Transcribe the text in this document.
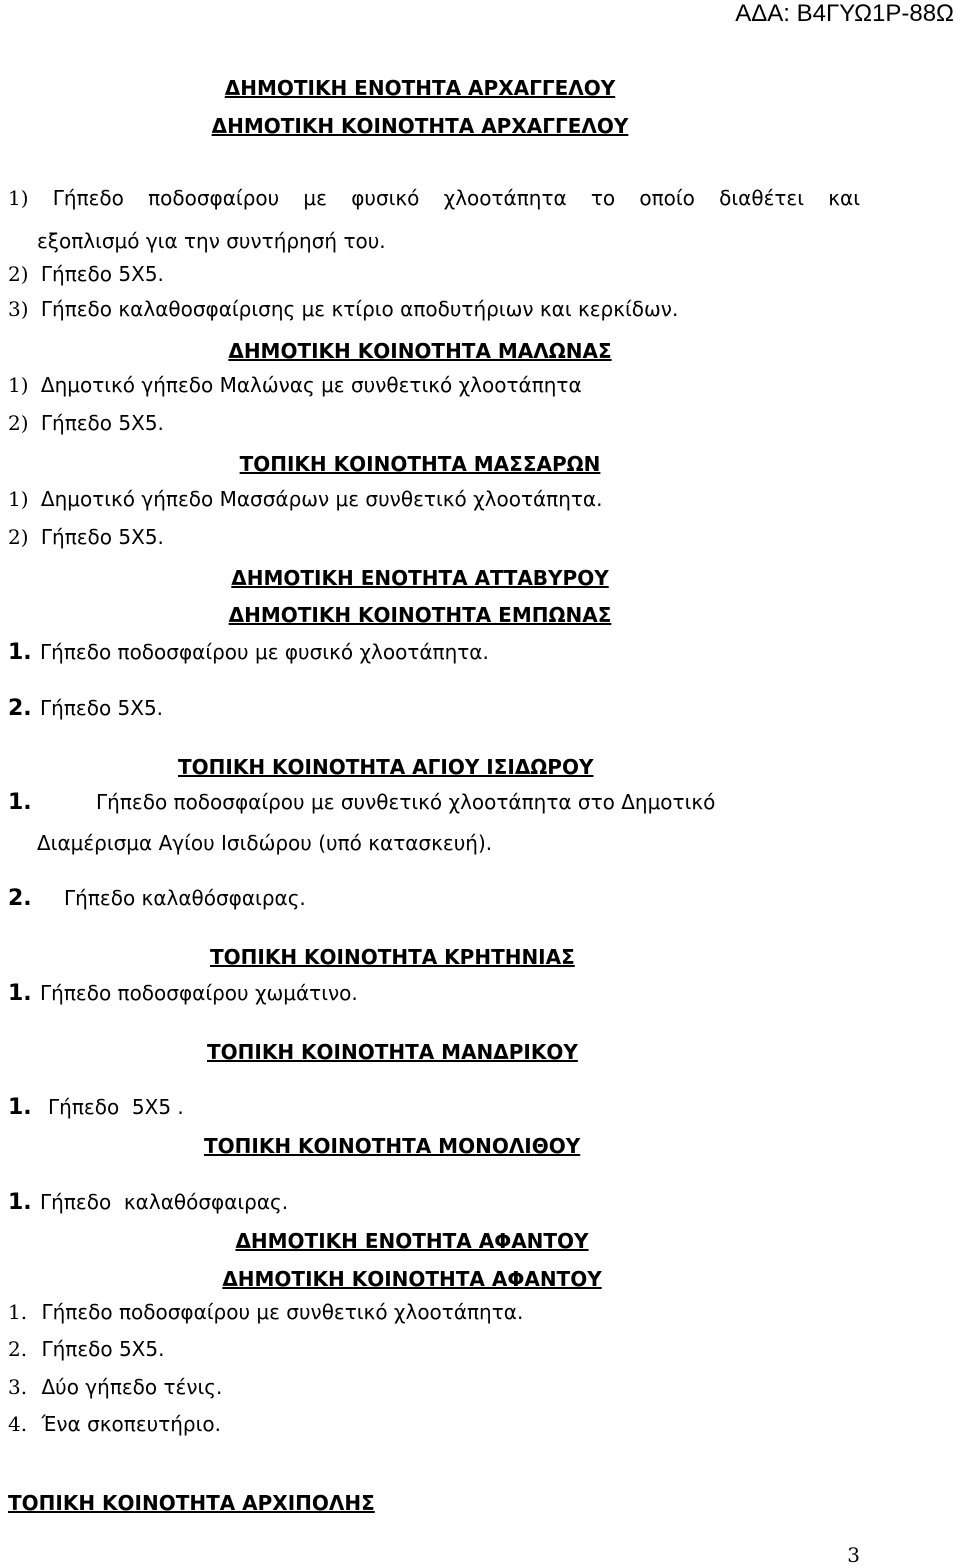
ΑΔΑ: Β4ΓΥΩ1Ρ-88Ω
ΔΗΜΟΤΙΚΗ ΕΝΟΤΗΤΑ ΑΡΧΑΓΓΕΛΟΥ
ΔΗΜΟΤΙΚΗ ΚΟΙΝΟΤΗΤΑ ΑΡΧΑΓΓΕΛΟΥ
1) Γήπεδο ποδοσφαίρου με φυσικό χλοοτάπητα το οποίο διαθέτει και
εξοπλισμό για την συντήρησή του.
2) Γήπεδο 5Χ5.
3) Γήπεδο καλαθοσφαίρισης με κτίριο αποδυτήριων και κερκίδων.
ΔΗΜΟΤΙΚΗ ΚΟΙΝΟΤΗΤΑ ΜΑΛΩΝΑΣ
1) Δημοτικό γήπεδο Μαλώνας με συνθετικό χλοοτάπητα
2) Γήπεδο 5Χ5.
ΤΟΠΙΚΗ ΚΟΙΝΟΤΗΤΑ ΜΑΣΣΑΡΩΝ
1) Δημοτικό γήπεδο Μασσάρων με συνθετικό χλοοτάπητα.
2) Γήπεδο 5Χ5.
ΔΗΜΟΤΙΚΗ ΕΝΟΤΗΤΑ ΑΤΤΑΒΥΡΟΥ
ΔΗΜΟΤΙΚΗ ΚΟΙΝΟΤΗΤΑ ΕΜΠΩΝΑΣ
1. Γήπεδο ποδοσφαίρου με φυσικό χλοοτάπητα.
2. Γήπεδο 5Χ5.
ΤΟΠΙΚΗ ΚΟΙΝΟΤΗΤΑ ΑΓΙΟΥ ΙΣΙΔΩΡΟΥ
1.	Γήπεδο ποδοσφαίρου με συνθετικό χλοοτάπητα στο Δημοτικό
Διαμέρισμα Αγίου Ισιδώρου (υπό κατασκευή).
2. Γήπεδο καλαθόσφαιρας.
ΤΟΠΙΚΗ ΚΟΙΝΟΤΗΤΑ ΚΡΗΤΗΝΙΑΣ
1. Γήπεδο ποδοσφαίρου χωμάτινο.
ΤΟΠΙΚΗ ΚΟΙΝΟΤΗΤΑ ΜΑΝΔΡΙΚΟΥ
1. Γήπεδο  5Χ5 .
ΤΟΠΙΚΗ ΚΟΙΝΟΤΗΤΑ ΜΟΝΟΛΙΘΟΥ
1. Γήπεδο  καλαθόσφαιρας.
ΔΗΜΟΤΙΚΗ ΕΝΟΤΗΤΑ ΑΦΑΝΤΟΥ
ΔΗΜΟΤΙΚΗ ΚΟΙΝΟΤΗΤΑ ΑΦΑΝΤΟΥ
1. Γήπεδο ποδοσφαίρου με συνθετικό χλοοτάπητα.
2. Γήπεδο 5Χ5.
3. Δύο γήπεδο τένις.
4. Ένα σκοπευτήριο.
ΤΟΠΙΚΗ ΚΟΙΝΟΤΗΤΑ ΑΡΧΙΠΟΛΗΣ
3
